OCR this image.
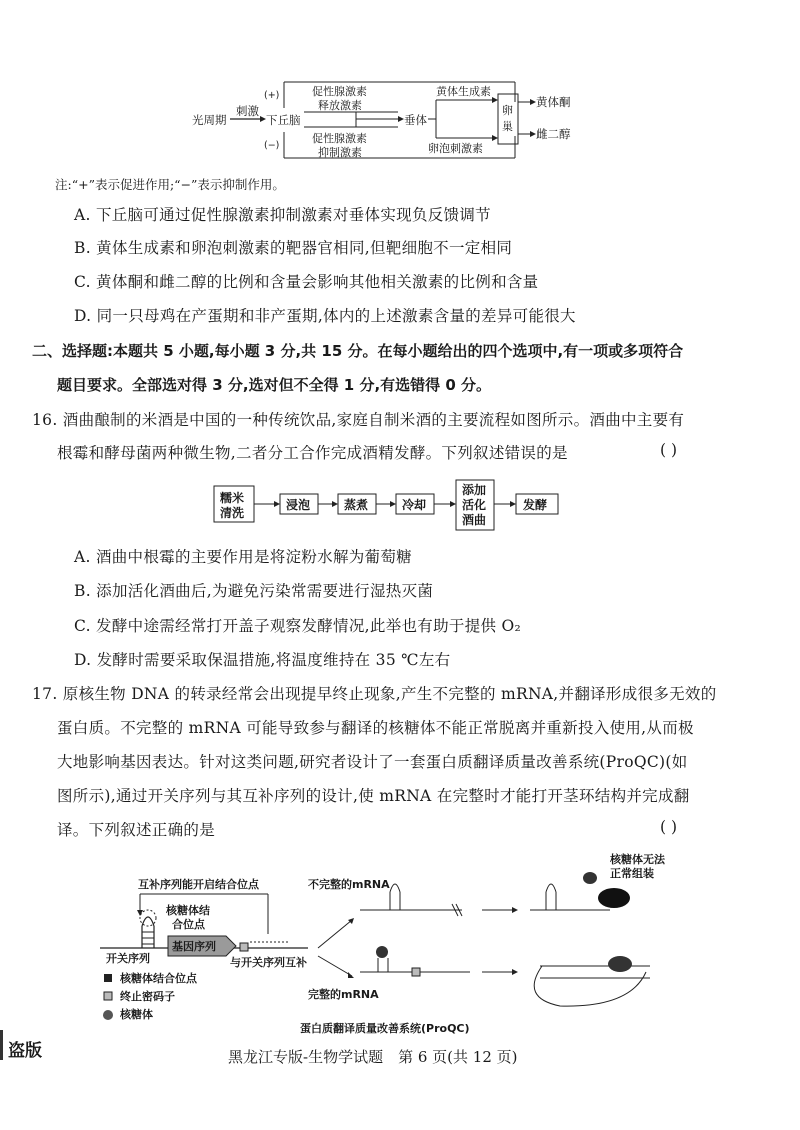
光周期
刺激
下丘脑
(+)
(−)
促性腺激素
释放激素
促性腺激素
抑制激素
垂体
黄体生成素
卵泡刺激素
卵
巢
黄体酮
雌二醇
注:“+”表示促进作用;“−”表示抑制作用。
A. 下丘脑可通过促性腺激素抑制激素对垂体实现负反馈调节
B. 黄体生成素和卵泡刺激素的靶器官相同,但靶细胞不一定相同
C. 黄体酮和雌二醇的比例和含量会影响其他相关激素的比例和含量
D. 同一只母鸡在产蛋期和非产蛋期,体内的上述激素含量的差异可能很大
二、选择题:本题共 5 小题,每小题 3 分,共 15 分。在每小题给出的四个选项中,有一项或多项符合
题目要求。全部选对得 3 分,选对但不全得 1 分,有选错得 0 分。
16. 酒曲酿制的米酒是中国的一种传统饮品,家庭自制米酒的主要流程如图所示。酒曲中主要有
根霉和酵母菌两种微生物,二者分工合作完成酒精发酵。下列叙述错误的是	( )
糯米
清洗
浸泡	蒸煮	冷却
添加
活化
酒曲
发酵
A. 酒曲中根霉的主要作用是将淀粉水解为葡萄糖
B. 添加活化酒曲后,为避免污染常需要进行湿热灭菌
C. 发酵中途需经常打开盖子观察发酵情况,此举也有助于提供 O₂
D. 发酵时需要采取保温措施,将温度维持在 35 ℃左右
17. 原核生物 DNA 的转录经常会出现提早终止现象,产生不完整的 mRNA,并翻译形成很多无效的
蛋白质。不完整的 mRNA 可能导致参与翻译的核糖体不能正常脱离并重新投入使用,从而极
大地影响基因表达。针对这类问题,研究者设计了一套蛋白质翻译质量改善系统(ProQC)(如
图所示),通过开关序列与其互补序列的设计,使 mRNA 在完整时才能打开茎环结构并完成翻
译。下列叙述正确的是	( )
互补序列能开启结合位点
核糖体结
合位点
基因序列
开关序列	与开关序列互补
核糖体结合位点
终止密码子
核糖体
不完整的mRNA
完整的mRNA
核糖体无法
正常组装
蛋白质翻译质量改善系统(ProQC)
盗版	黑龙江专版-生物学试题　第 6 页(共 12 页)
